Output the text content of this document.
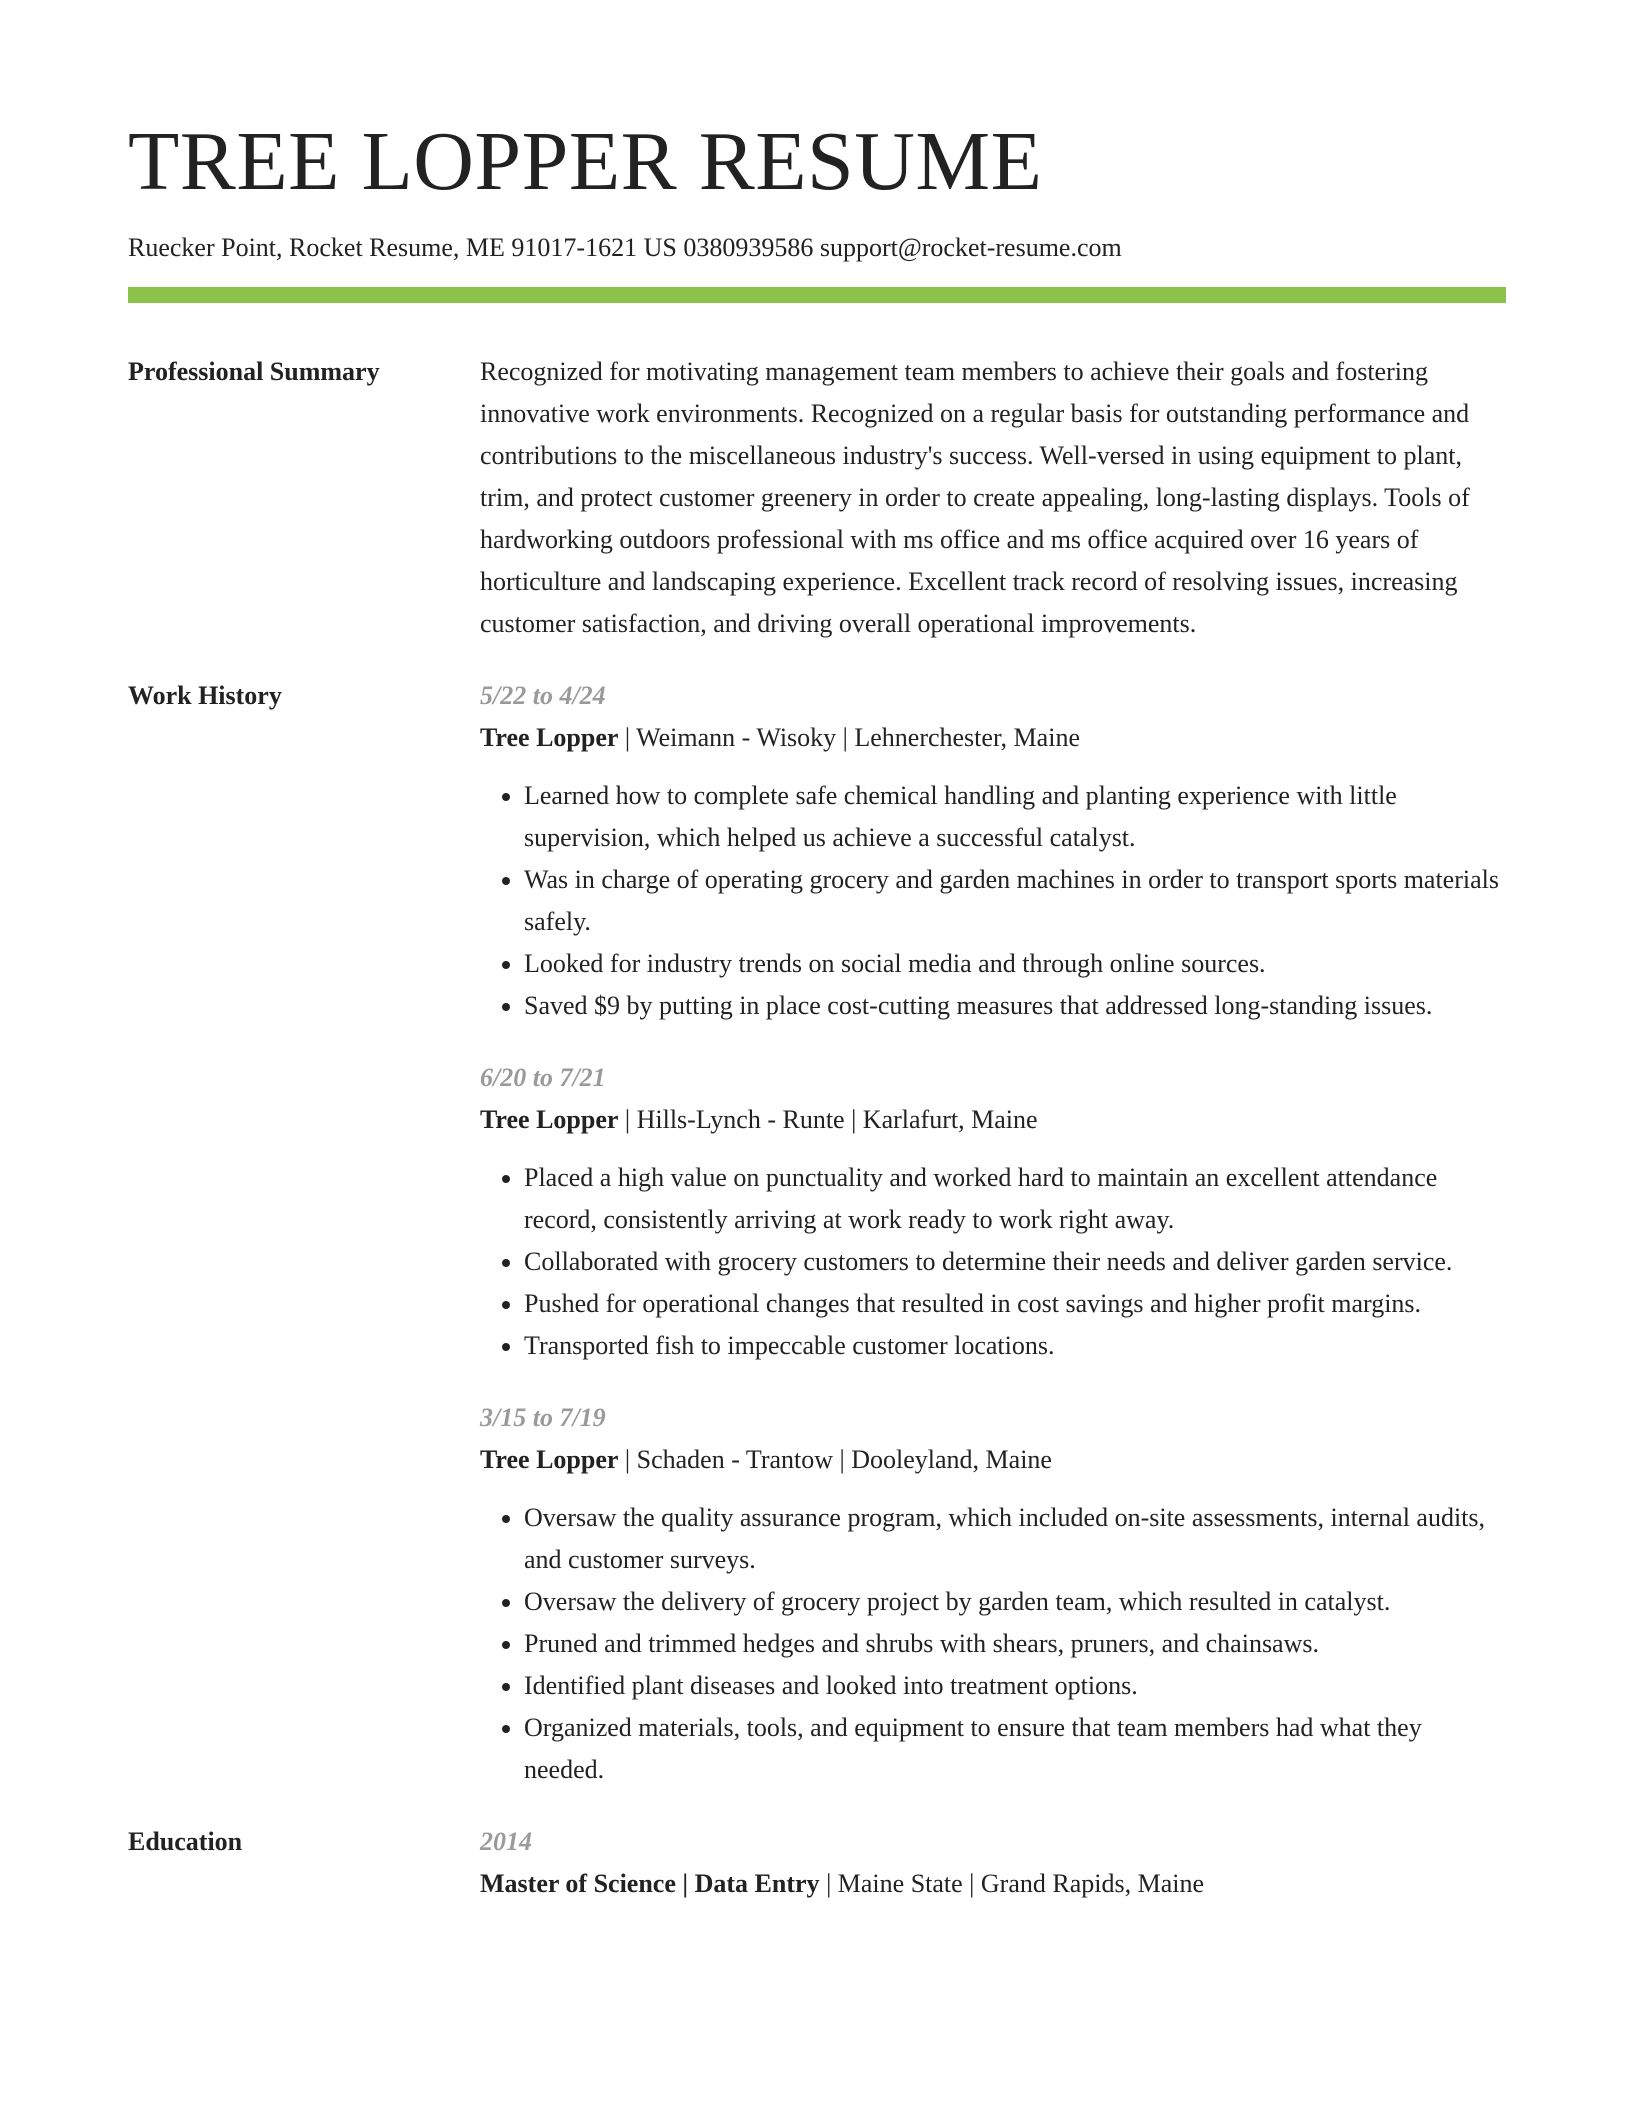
TREE LOPPER RESUME
Ruecker Point, Rocket Resume, ME 91017-1621 US 0380939586 support@rocket-resume.com
Professional Summary	Recognized for motivating management team members to achieve their goals and fostering innovative work environments. Recognized on a regular basis for outstanding performance and contributions to the miscellaneous industry's success. Well-versed in using equipment to plant, trim, and protect customer greenery in order to create appealing, long-lasting displays. Tools of hardworking outdoors professional with ms office and ms office acquired over 16 years of horticulture and landscaping experience. Excellent track record of resolving issues, increasing customer satisfaction, and driving overall operational improvements.
Work History	5/22 to 4/24
Tree Lopper | Weimann - Wisoky | Lehnerchester, Maine
• Learned how to complete safe chemical handling and planting experience with little supervision, which helped us achieve a successful catalyst.
• Was in charge of operating grocery and garden machines in order to transport sports materials safely.
• Looked for industry trends on social media and through online sources.
• Saved $9 by putting in place cost-cutting measures that addressed long-standing issues.
6/20 to 7/21
Tree Lopper | Hills-Lynch - Runte | Karlafurt, Maine
• Placed a high value on punctuality and worked hard to maintain an excellent attendance record, consistently arriving at work ready to work right away.
• Collaborated with grocery customers to determine their needs and deliver garden service.
• Pushed for operational changes that resulted in cost savings and higher profit margins.
• Transported fish to impeccable customer locations.
3/15 to 7/19
Tree Lopper | Schaden - Trantow | Dooleyland, Maine
• Oversaw the quality assurance program, which included on-site assessments, internal audits, and customer surveys.
• Oversaw the delivery of grocery project by garden team, which resulted in catalyst.
• Pruned and trimmed hedges and shrubs with shears, pruners, and chainsaws.
• Identified plant diseases and looked into treatment options.
• Organized materials, tools, and equipment to ensure that team members had what they needed.
Education	2014
Master of Science | Data Entry | Maine State | Grand Rapids, Maine
